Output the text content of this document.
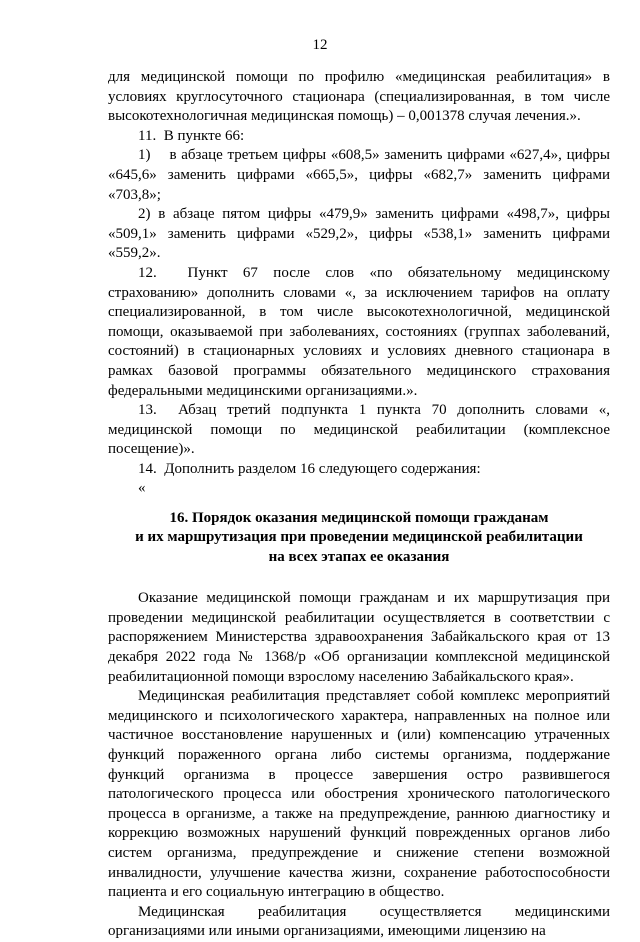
12

для медицинской помощи по профилю «медицинская реабилитация» в условиях круглосуточного стационара (специализированная, в том числе высокотехнологичная медицинская помощь) – 0,001378 случая лечения.».

11.  В пункте 66:

1)    в абзаце третьем цифры «608,5» заменить цифрами «627,4», цифры «645,6» заменить цифрами «665,5», цифры «682,7» заменить цифрами «703,8»;

2) в абзаце пятом цифры «479,9» заменить цифрами «498,7», цифры «509,1» заменить цифрами «529,2», цифры «538,1» заменить цифрами «559,2».

12.  Пункт 67 после слов «по обязательному медицинскому страхованию» дополнить словами «, за исключением тарифов на оплату специализированной, в том числе высокотехнологичной, медицинской помощи, оказываемой при заболеваниях, состояниях (группах заболеваний, состояний) в стационарных условиях и условиях дневного стационара в рамках базовой программы обязательного медицинского страхования федеральными медицинскими организациями.».

13.  Абзац третий подпункта 1 пункта 70 дополнить словами «, медицинской помощи по медицинской реабилитации (комплексное посещение)».

14.  Дополнить разделом 16 следующего содержания:

«

16. Порядок оказания медицинской помощи гражданам
и их маршрутизация при проведении медицинской реабилитации
на всех этапах ее оказания

Оказание медицинской помощи гражданам и их маршрутизация при проведении медицинской реабилитации осуществляется в соответствии с распоряжением Министерства здравоохранения Забайкальского края от 13 декабря 2022 года № 1368/р «Об организации комплексной медицинской реабилитационной помощи взрослому населению Забайкальского края».

Медицинская реабилитация представляет собой комплекс мероприятий медицинского и психологического характера, направленных на полное или частичное восстановление нарушенных и (или) компенсацию утраченных функций пораженного органа либо системы организма, поддержание функций организма в процессе завершения остро развившегося патологического процесса или обострения хронического патологического процесса в организме, а также на предупреждение, раннюю диагностику и коррекцию возможных нарушений функций поврежденных органов либо систем организма, предупреждение и снижение степени возможной инвалидности, улучшение качества жизни, сохранение работоспособности пациента и его социальную интеграцию в общество.

Медицинская реабилитация осуществляется медицинскими организациями или иными организациями, имеющими лицензию на
